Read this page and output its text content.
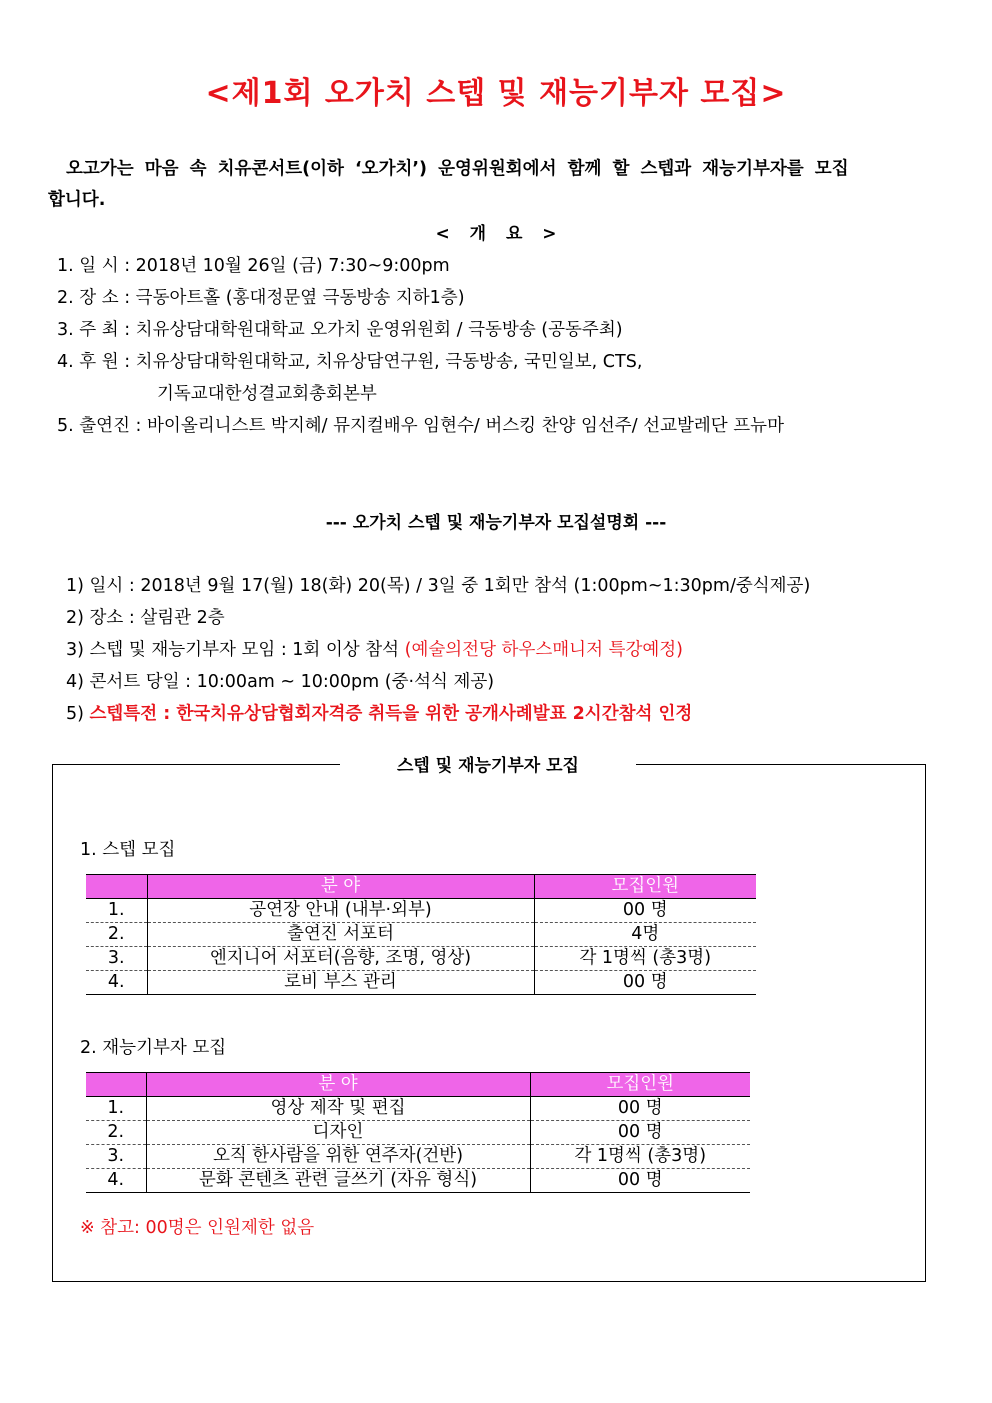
<제1회 오가치 스텝 및 재능기부자 모집>
오고가는 마음 속 치유콘서트(이하 ‘오가치’) 운영위원회에서 함께 할 스텝과 재능기부자를 모집
합니다.
< 개 요 >
1. 일 시 : 2018년 10월 26일 (금) 7:30~9:00pm
2. 장 소 : 극동아트홀 (홍대정문옆 극동방송 지하1층)
3. 주 최 : 치유상담대학원대학교 오가치 운영위원회 / 극동방송 (공동주최)
4. 후 원 : 치유상담대학원대학교, 치유상담연구원, 극동방송, 국민일보, CTS,
기독교대한성결교회총회본부
5. 출연진 : 바이올리니스트 박지혜/ 뮤지컬배우 임현수/ 버스킹 찬양 임선주/ 선교발레단 프뉴마
--- 오가치 스텝 및 재능기부자 모집설명회 ---
1) 일시 : 2018년 9월 17(월) 18(화) 20(목) / 3일 중 1회만 참석 (1:00pm~1:30pm/중식제공)
2) 장소 : 살림관 2층
3) 스텝 및 재능기부자 모임 : 1회 이상 참석 (예술의전당 하우스매니저 특강예정)
4) 콘서트 당일 : 10:00am ~ 10:00pm (중·석식 제공)
5) 스텝특전 : 한국치유상담협회자격증 취득을 위한 공개사례발표 2시간참석 인정
스텝 및 재능기부자 모집
1. 스텝 모집
	분 야	모집인원
1.	공연장 안내 (내부·외부)	00 명
2.	출연진 서포터	4명
3.	엔지니어 서포터(음향, 조명, 영상)	각 1명씩 (총3명)
4.	로비 부스 관리	00 명
2. 재능기부자 모집
	분 야	모집인원
1.	영상 제작 및 편집	00 명
2.	디자인	00 명
3.	오직 한사람을 위한 연주자(건반)	각 1명씩 (총3명)
4.	문화 콘텐츠 관련 글쓰기 (자유 형식)	00 명
※ 참고: 00명은 인원제한 없음
